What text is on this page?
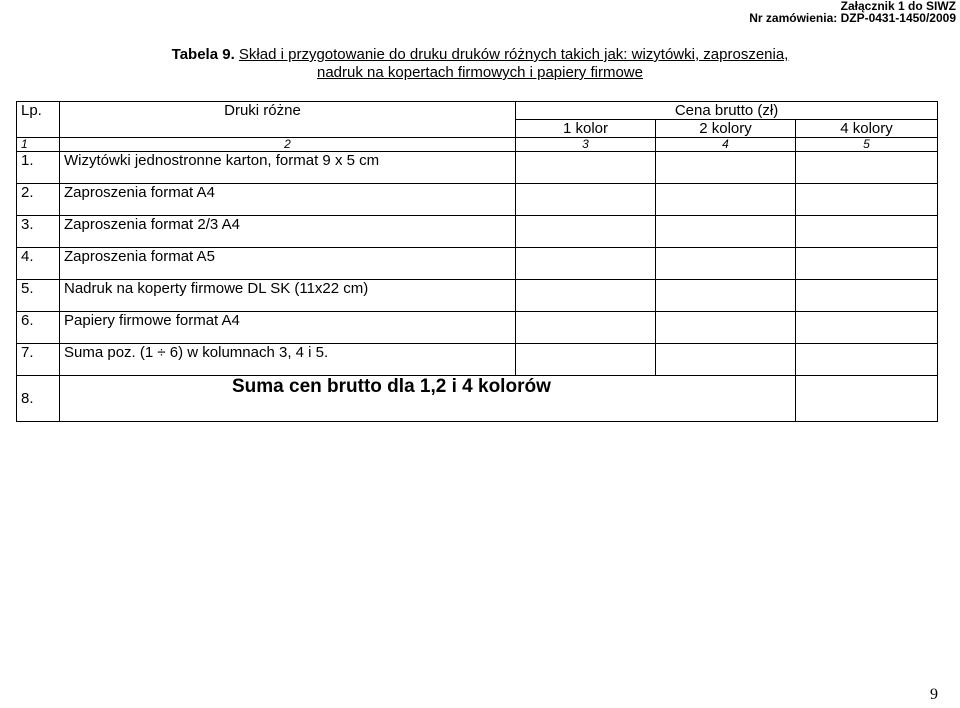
Załącznik 1 do SIWZ
Nr zamówienia: DZP-0431-1450/2009
Tabela 9. Skład i przygotowanie do druku druków różnych takich jak: wizytówki, zaproszenia,
nadruk na kopertach firmowych i papiery firmowe
Lp.	Druki różne	Cena brutto (zł)		
		1 kolor	2 kolory	4 kolory
1	2	3	4	5
1.	Wizytówki jednostronne karton, format 9 x 5 cm			
2.	Zaproszenia format A4			
3.	Zaproszenia format 2/3 A4			
4.	Zaproszenia format A5			
5.	Nadruk na koperty firmowe DL SK (11x22 cm)			
6.	Papiery firmowe format A4			
7.	Suma poz. (1 ÷ 6) w kolumnach 3, 4 i 5.			
8.	Suma cen brutto dla 1,2 i 4 kolorów			
9
